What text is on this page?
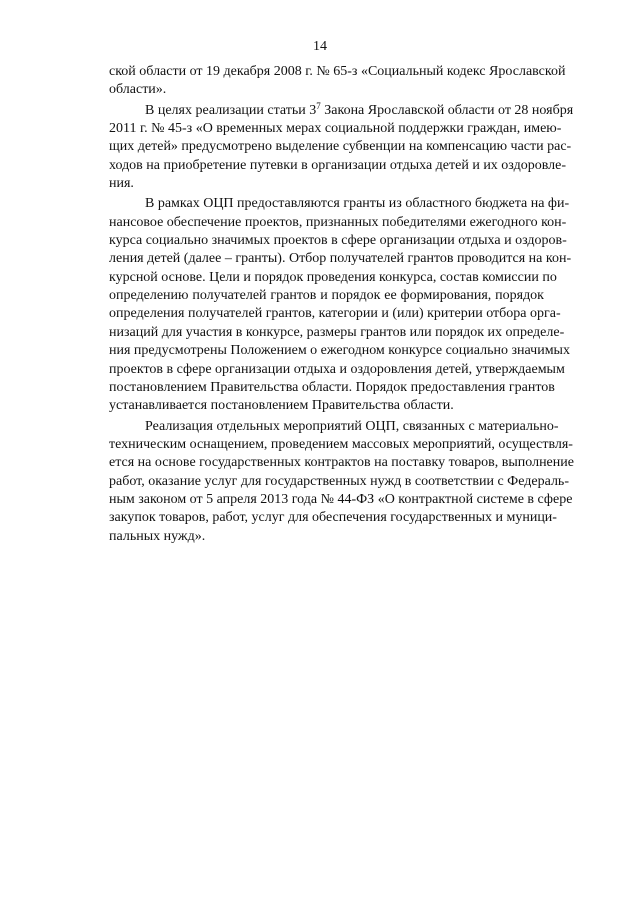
14
ской области от 19 декабря 2008 г. № 65-з «Социальный кодекс Ярославской
области».
В целях реализации статьи $3^7$ Закона Ярославской области от 28 ноября
2011 г. № 45-з «О временных мерах социальной поддержки граждан, имею-
щих детей» предусмотрено выделение субвенции на компенсацию части рас-
ходов на приобретение путевки в организации отдыха детей и их оздоровле-
ния.
В рамках ОЦП предоставляются гранты из областного бюджета на фи-
нансовое обеспечение проектов, признанных победителями ежегодного кон-
курса социально значимых проектов в сфере организации отдыха и оздоров-
ления детей (далее – гранты). Отбор получателей грантов проводится на кон-
курсной основе. Цели и порядок проведения конкурса, состав комиссии по
определению получателей грантов и порядок ее формирования, порядок
определения получателей грантов, категории и (или) критерии отбора орга-
низаций для участия в конкурсе, размеры грантов или порядок их определе-
ния предусмотрены Положением о ежегодном конкурсе социально значимых
проектов в сфере организации отдыха и оздоровления детей, утверждаемым
постановлением Правительства области. Порядок предоставления грантов
устанавливается постановлением Правительства области.
Реализация отдельных мероприятий ОЦП, связанных с материально-
техническим оснащением, проведением массовых мероприятий, осуществля-
ется на основе государственных контрактов на поставку товаров, выполнение
работ, оказание услуг для государственных нужд в соответствии с Федераль-
ным законом от 5 апреля 2013 года № 44-ФЗ «О контрактной системе в сфере
закупок товаров, работ, услуг для обеспечения государственных и муници-
пальных нужд».
